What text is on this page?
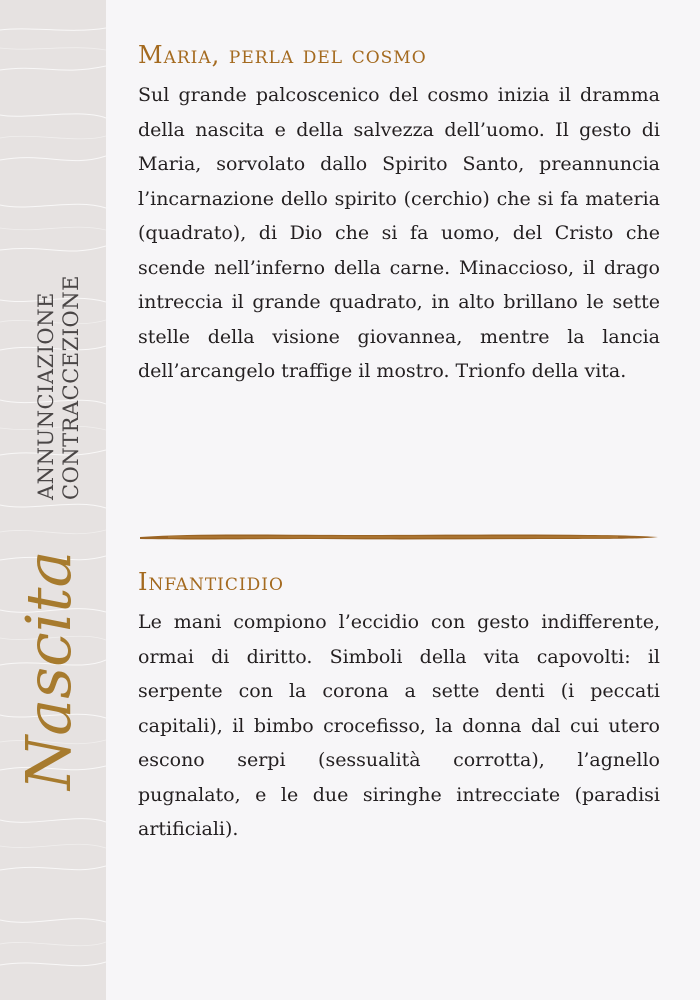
ANNUNCIAZIONE CONTRACCEZIONE
Nascita
Maria, perla del cosmo

Sul grande palcoscenico del cosmo inizia il dramma della nascita e della salvezza dell’uomo. Il gesto di Maria, sorvolato dallo Spirito Santo, preannuncia l’incarnazione dello spirito (cerchio) che si fa materia (quadrato), di Dio che si fa uomo, del Cristo che scende nell’inferno della carne. Minaccioso, il drago intreccia il grande quadrato, in alto brillano le sette stelle della visione giovannea, mentre la lancia dell’arcangelo traffige il mostro. Trionfo della vita.

Infanticidio

Le mani compiono l’eccidio con gesto indifferente, ormai di diritto. Simboli della vita capovolti: il serpente con la corona a sette denti (i peccati capitali), il bimbo crocefisso, la donna dal cui utero escono serpi (sessualità corrotta), l’agnello pugnalato, e le due siringhe intrecciate (paradisi artificiali).
